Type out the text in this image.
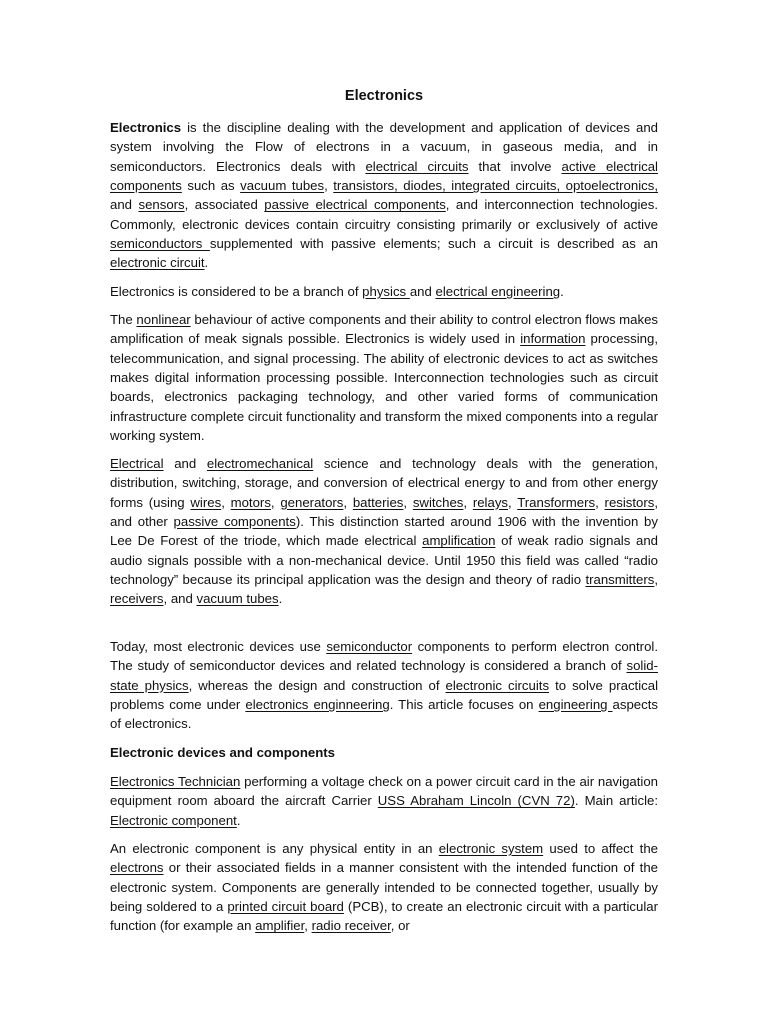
Electronics

Electronics is the discipline dealing with the development and application of devices and system involving the Flow of electrons in a vacuum, in gaseous media, and in semiconductors. Electronics deals with electrical circuits that involve active electrical components such as vacuum tubes, transistors, diodes, integrated circuits, optoelectronics, and sensors, associated passive electrical components, and interconnection technologies. Commonly, electronic devices contain circuitry consisting primarily or exclusively of active semiconductors supplemented with passive elements; such a circuit is described as an electronic circuit.

Electronics is considered to be a branch of physics and electrical engineering.

The nonlinear behaviour of active components and their ability to control electron flows makes amplification of meak signals possible. Electronics is widely used in information processing, telecommunication, and signal processing. The ability of electronic devices to act as switches makes digital information processing possible. Interconnection technologies such as circuit boards, electronics packaging technology, and other varied forms of communication infrastructure complete circuit functionality and transform the mixed components into a regular working system.

Electrical and electromechanical science and technology deals with the generation, distribution, switching, storage, and conversion of electrical energy to and from other energy forms (using wires, motors, generators, batteries, switches, relays, Transformers, resistors, and other passive components). This distinction started around 1906 with the invention by Lee De Forest of the triode, which made electrical amplification of weak radio signals and audio signals possible with a non-mechanical device. Until 1950 this field was called “radio technology” because its principal application was the design and theory of radio transmitters, receivers, and vacuum tubes.

Today, most electronic devices use semiconductor components to perform electron control. The study of semiconductor devices and related technology is considered a branch of solid-state physics, whereas the design and construction of electronic circuits to solve practical problems come under electronics enginneering. This article focuses on engineering aspects of electronics.

Electronic devices and components

Electronics Technician performing a voltage check on a power circuit card in the air navigation equipment room aboard the aircraft Carrier USS Abraham Lincoln (CVN 72). Main article: Electronic component.

An electronic component is any physical entity in an electronic system used to affect the electrons or their associated fields in a manner consistent with the intended function of the electronic system. Components are generally intended to be connected together, usually by being soldered to a printed circuit board (PCB), to create an electronic circuit with a particular function (for example an amplifier, radio receiver, or
